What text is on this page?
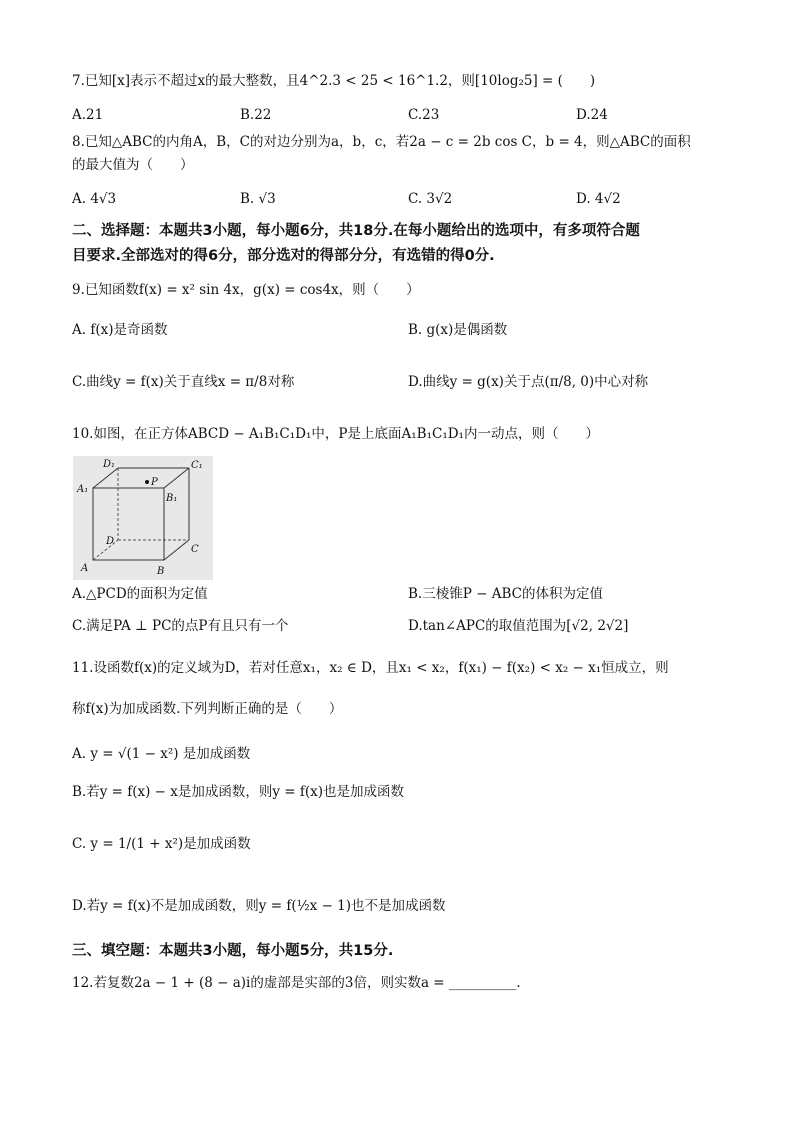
7.已知[x]表示不超过x的最大整数，且4^2.3 < 25 < 16^1.2，则[10log₂5] = (　　)
A.21	B.22	C.23	D.24
8.已知△ABC的内角A，B，C的对边分别为a，b，c，若2a − c = 2b cos C，b = 4，则△ABC的面积
的最大值为（　　）
A. 4√3	B. √3	C. 3√2	D. 4√2
二、选择题：本题共3小题，每小题6分，共18分.在每小题给出的选项中，有多项符合题
目要求.全部选对的得6分，部分选对的得部分分，有选错的得0分.
9.已知函数f(x) = x² sin 4x，g(x) = cos4x，则（　　）
A. f(x)是奇函数	B. g(x)是偶函数
C.曲线y = f(x)关于直线x = π/8对称	D.曲线y = g(x)关于点(π/8, 0)中心对称
10.如图，在正方体ABCD − A₁B₁C₁D₁中，P是上底面A₁B₁C₁D₁内一动点，则（　　）
D₁	C₁
A₁
B₁
P
D
C
A	B
A.△PCD的面积为定值	B.三棱锥P − ABC的体积为定值
C.满足PA ⊥ PC的点P有且只有一个	D.tan∠APC的取值范围为[√2, 2√2]
11.设函数f(x)的定义域为D，若对任意x₁，x₂ ∈ D，且x₁ < x₂，f(x₁) − f(x₂) < x₂ − x₁恒成立，则
称f(x)为加成函数.下列判断正确的是（　　）
A. y = √(1 − x²) 是加成函数
B.若y = f(x) − x是加成函数，则y = f(x)也是加成函数
C. y = 1/(1 + x²)是加成函数
D.若y = f(x)不是加成函数，则y = f(½x − 1)也不是加成函数
三、填空题：本题共3小题，每小题5分，共15分.
12.若复数2a − 1 + (8 − a)i的虚部是实部的3倍，则实数a = __________.
